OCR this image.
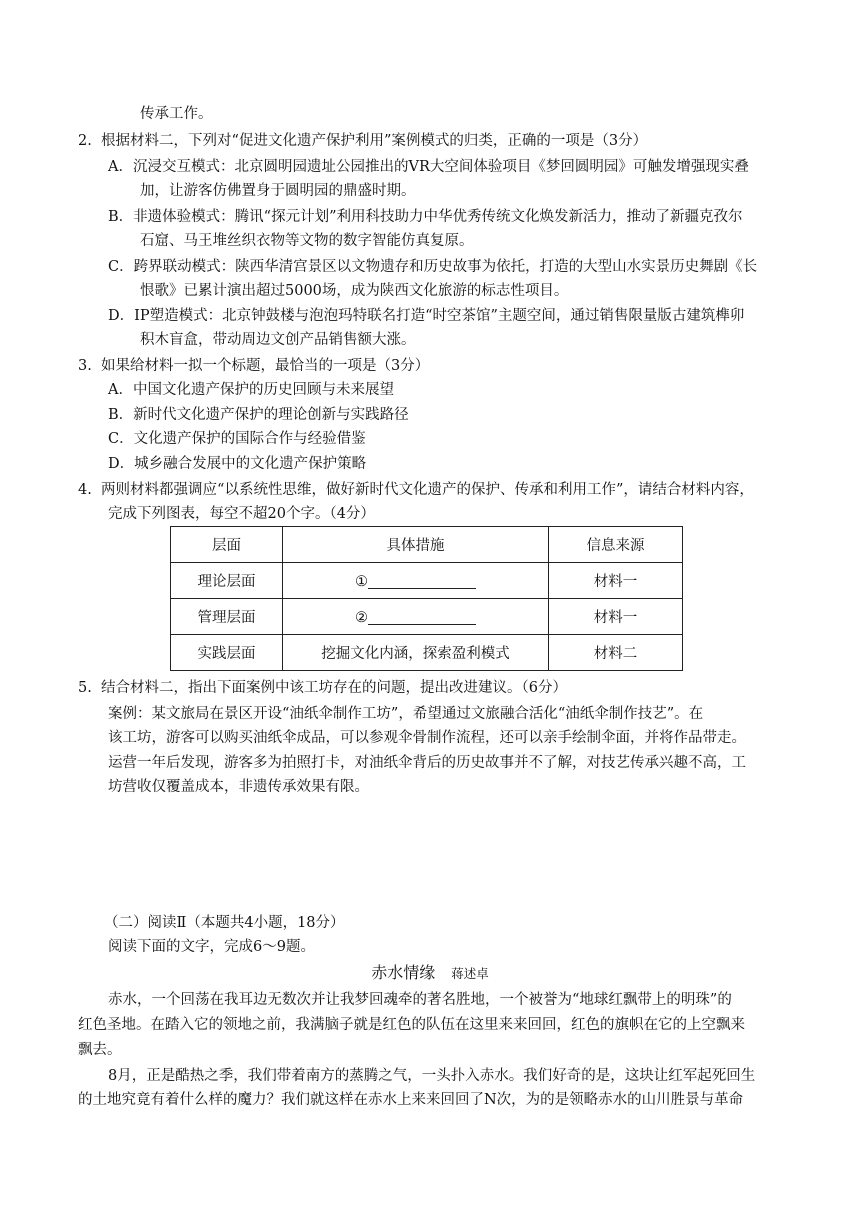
传承工作。
2.  根据材料二，下列对“促进文化遗产保护利用”案例模式的归类，正确的一项是（3分）
A．沉浸交互模式：北京圆明园遗址公园推出的VR大空间体验项目《梦回圆明园》可触发增强现实叠
加，让游客仿佛置身于圆明园的鼎盛时期。
B．非遗体验模式：腾讯“探元计划”利用科技助力中华优秀传统文化焕发新活力，推动了新疆克孜尔
石窟、马王堆丝织衣物等文物的数字智能仿真复原。
C．跨界联动模式：陕西华清宫景区以文物遗存和历史故事为依托，打造的大型山水实景历史舞剧《长
恨歌》已累计演出超过5000场，成为陕西文化旅游的标志性项目。
D．IP塑造模式：北京钟鼓楼与泡泡玛特联名打造“时空茶馆”主题空间，通过销售限量版古建筑榫卯
积木盲盒，带动周边文创产品销售额大涨。
3.  如果给材料一拟一个标题，最恰当的一项是（3分）
A．中国文化遗产保护的历史回顾与未来展望
B．新时代文化遗产保护的理论创新与实践路径
C．文化遗产保护的国际合作与经验借鉴
D．城乡融合发展中的文化遗产保护策略
4.  两则材料都强调应“以系统性思维，做好新时代文化遗产的保护、传承和利用工作”，请结合材料内容，
完成下列图表，每空不超20个字。（4分）
层面	具体措施	信息来源
理论层面	①	材料一
管理层面	②	材料一
实践层面	挖掘文化内涵，探索盈利模式	材料二
5.  结合材料二，指出下面案例中该工坊存在的问题，提出改进建议。（6分）
案例：某文旅局在景区开设“油纸伞制作工坊”，希望通过文旅融合活化“油纸伞制作技艺”。在
该工坊，游客可以购买油纸伞成品，可以参观伞骨制作流程，还可以亲手绘制伞面，并将作品带走。
运营一年后发现，游客多为拍照打卡，对油纸伞背后的历史故事并不了解，对技艺传承兴趣不高，工
坊营收仅覆盖成本，非遗传承效果有限。
（二）阅读Ⅱ（本题共4小题，18分）
阅读下面的文字，完成6～9题。
赤水情缘 蒋述卓
赤水，一个回荡在我耳边无数次并让我梦回魂牵的著名胜地，一个被誉为“地球红飘带上的明珠”的
红色圣地。在踏入它的领地之前，我满脑子就是红色的队伍在这里来来回回，红色的旗帜在它的上空飘来
飘去。
8月，正是酷热之季，我们带着南方的蒸腾之气，一头扑入赤水。我们好奇的是，这块让红军起死回生
的土地究竟有着什么样的魔力？我们就这样在赤水上来来回回了N次，为的是领略赤水的山川胜景与革命
